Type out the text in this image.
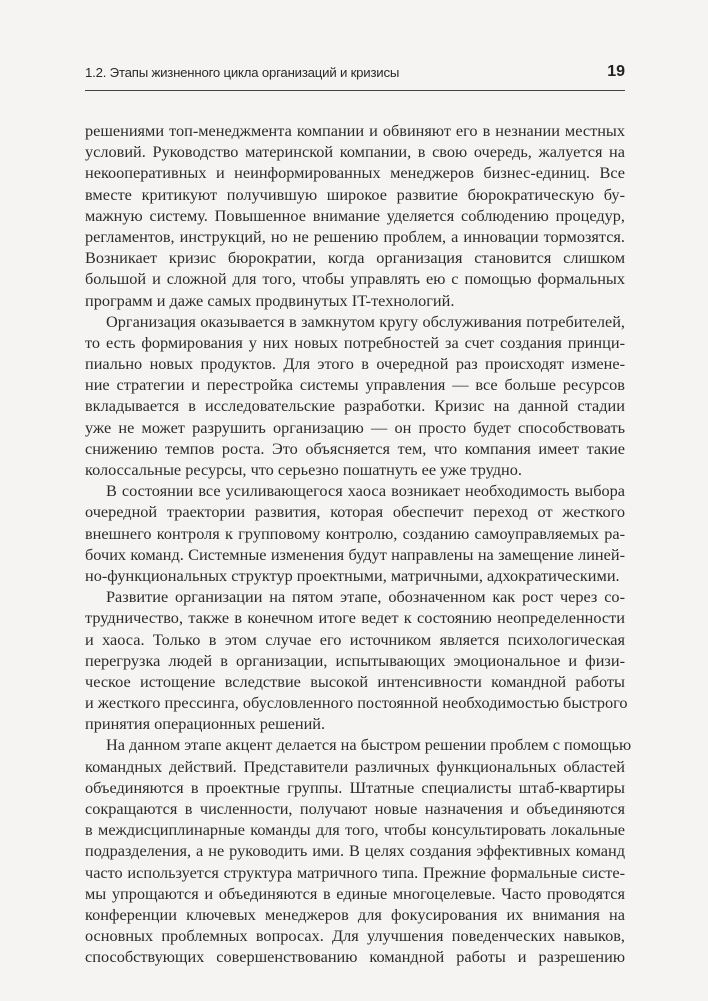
1.2. Этапы жизненного цикла организаций и кризисы	19
решениями топ-менеджмента компании и обвиняют его в незнании местных
условий. Руководство материнской компании, в свою очередь, жалуется на
некооперативных и неинформированных менеджеров бизнес-единиц. Все
вместе критикуют получившую широкое развитие бюрократическую бу-
мажную систему. Повышенное внимание уделяется соблюдению процедур,
регламентов, инструкций, но не решению проблем, а инновации тормозятся.
Возникает кризис бюрократии, когда организация становится слишком
большой и сложной для того, чтобы управлять ею с помощью формальных
программ и даже самых продвинутых IT-технологий.
Организация оказывается в замкнутом кругу обслуживания потребителей,
то есть формирования у них новых потребностей за счет создания принци-
пиально новых продуктов. Для этого в очередной раз происходят измене-
ние стратегии и перестройка системы управления — все больше ресурсов
вкладывается в исследовательские разработки. Кризис на данной стадии
уже не может разрушить организацию — он просто будет способствовать
снижению темпов роста. Это объясняется тем, что компания имеет такие
колоссальные ресурсы, что серьезно пошатнуть ее уже трудно.
В состоянии все усиливающегося хаоса возникает необходимость выбора
очередной траектории развития, которая обеспечит переход от жесткого
внешнего контроля к групповому контролю, созданию самоуправляемых ра-
бочих команд. Системные изменения будут направлены на замещение линей-
но-функциональных структур проектными, матричными, адхократическими.
Развитие организации на пятом этапе, обозначенном как рост через со-
трудничество, также в конечном итоге ведет к состоянию неопределенности
и хаоса. Только в этом случае его источником является психологическая
перегрузка людей в организации, испытывающих эмоциональное и физи-
ческое истощение вследствие высокой интенсивности командной работы
и жесткого прессинга, обусловленного постоянной необходимостью быстрого
принятия операционных решений.
На данном этапе акцент делается на быстром решении проблем с помощью
командных действий. Представители различных функциональных областей
объединяются в проектные группы. Штатные специалисты штаб-квартиры
сокращаются в численности, получают новые назначения и объединяются
в междисциплинарные команды для того, чтобы консультировать локальные
подразделения, а не руководить ими. В целях создания эффективных команд
часто используется структура матричного типа. Прежние формальные систе-
мы упрощаются и объединяются в единые многоцелевые. Часто проводятся
конференции ключевых менеджеров для фокусирования их внимания на
основных проблемных вопросах. Для улучшения поведенческих навыков,
способствующих совершенствованию командной работы и разрешению
